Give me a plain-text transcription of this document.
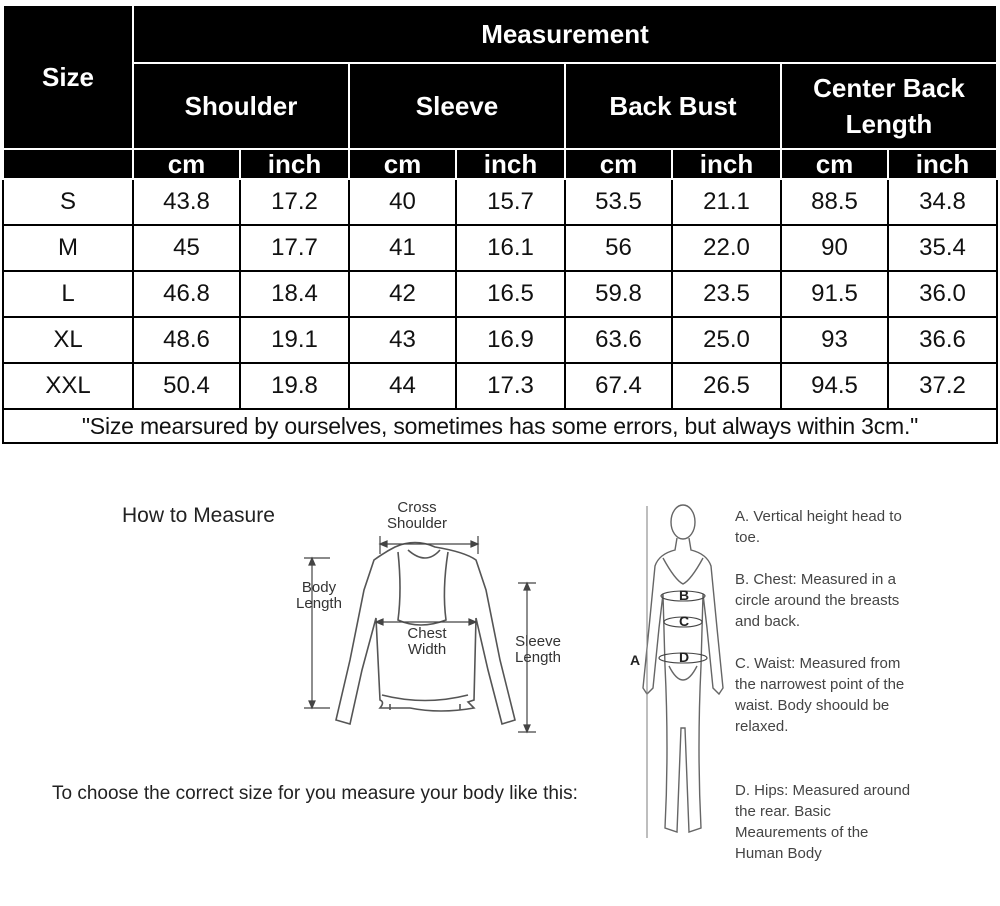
Size	Measurement							
	Shoulder		Sleeve		Back Bust		Center Back Length	
	cm	inch	cm	inch	cm	inch	cm	inch
S	43.8	17.2	40	15.7	53.5	21.1	88.5	34.8
M	45	17.7	41	16.1	56	22.0	90	35.4
L	46.8	18.4	42	16.5	59.8	23.5	91.5	36.0
XL	48.6	19.1	43	16.9	63.6	25.0	93	36.6
XXL	50.4	19.8	44	17.3	67.4	26.5	94.5	37.2
"Size mearsured by ourselves, sometimes has some errors, but always within 3cm."								
How to Measure	Cross Shoulder
Body Length
Chest Width	Sleeve Length
To choose the correct size for you measure your body like this:
A
B
C
D
A. Vertical height head to toe.
B. Chest: Measured in a circle around the breasts and back.
C. Waist: Measured from the narrowest point of the waist. Body shoould be relaxed.
D. Hips: Measured around the rear. Basic Meaurements of the Human Body
